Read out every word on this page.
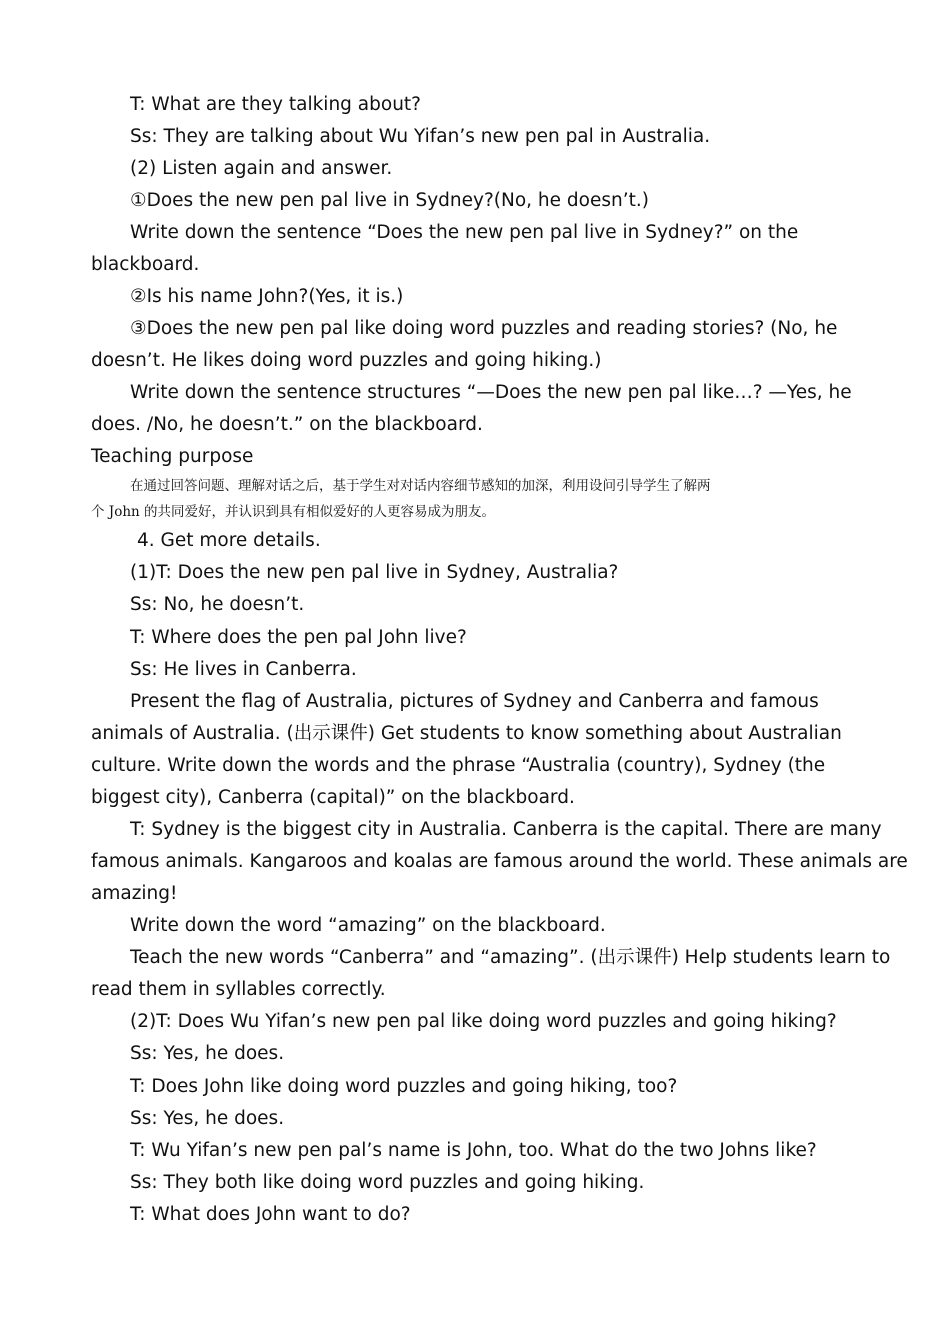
T: What are they talking about?
Ss: They are talking about Wu Yifan’s new pen pal in Australia.
(2) Listen again and answer.
①Does the new pen pal live in Sydney?(No, he doesn’t.)
Write down the sentence “Does the new pen pal live in Sydney?” on the
blackboard.
②Is his name John?(Yes, it is.)
③Does the new pen pal like doing word puzzles and reading stories? (No, he
doesn’t. He likes doing word puzzles and going hiking.)
Write down the sentence structures “—Does the new pen pal like…? —Yes, he
does. /No, he doesn’t.” on the blackboard.
Teaching purpose
在通过回答问题、理解对话之后，基于学生对对话内容细节感知的加深，利用设问引导学生了解两
个 John 的共同爱好，并认识到具有相似爱好的人更容易成为朋友。
4. Get more details.
(1)T: Does the new pen pal live in Sydney, Australia?
Ss: No, he doesn’t.
T: Where does the pen pal John live?
Ss: He lives in Canberra.
Present the flag of Australia, pictures of Sydney and Canberra and famous
animals of Australia. (出示课件) Get students to know something about Australian
culture. Write down the words and the phrase “Australia (country), Sydney (the
biggest city), Canberra (capital)” on the blackboard.
T: Sydney is the biggest city in Australia. Canberra is the capital. There are many
famous animals. Kangaroos and koalas are famous around the world. These animals are
amazing!
Write down the word “amazing” on the blackboard.
Teach the new words “Canberra” and “amazing”. (出示课件) Help students learn to
read them in syllables correctly.
(2)T: Does Wu Yifan’s new pen pal like doing word puzzles and going hiking?
Ss: Yes, he does.
T: Does John like doing word puzzles and going hiking, too?
Ss: Yes, he does.
T: Wu Yifan’s new pen pal’s name is John, too. What do the two Johns like?
Ss: They both like doing word puzzles and going hiking.
T: What does John want to do?
